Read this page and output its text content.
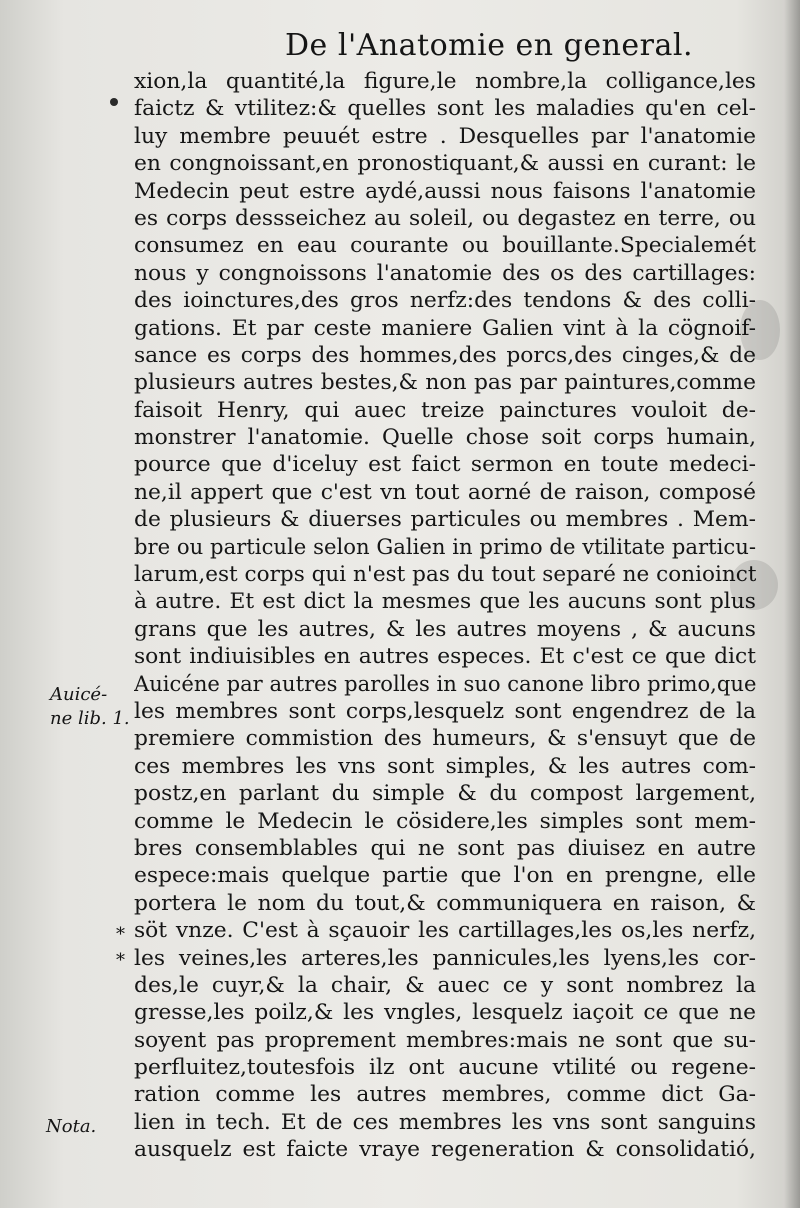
De l'Anatomie en general.
xion,la quantité,la figure,le nombre,la colligance,les
faictz & vtilitez:& quelles sont les maladies qu'en cel-
luy membre peuuét estre . Desquelles par l'anatomie
en congnoissant,en pronostiquant,& aussi en curant: le
Medecin peut estre aydé,aussi nous faisons l'anatomie
es corps dessseichez au soleil, ou degastez en terre, ou
consumez en eau courante ou bouillante.Specialemét
nous y congnoissons l'anatomie des os des cartillages:
des ioinctures,des gros nerfz:des tendons & des colli-
gations. Et par ceste maniere Galien vint à la cögnoif-
sance es corps des hommes,des porcs,des cinges,& de
plusieurs autres bestes,& non pas par paintures,comme
faisoit Henry, qui auec treize painctures vouloit de-
monstrer l'anatomie. Quelle chose soit corps humain,
pource que d'iceluy est faict sermon en toute medeci-
ne,il appert que c'est vn tout aorné de raison, composé
de plusieurs & diuerses particules ou membres . Mem-
bre ou particule selon Galien in primo de vtilitate particu-
larum,est corps qui n'est pas du tout separé ne conioinct
à autre. Et est dict la mesmes que les aucuns sont plus
grans que les autres, & les autres moyens , & aucuns
sont indiuisibles en autres especes. Et c'est ce que dict
Auicéne par autres parolles in suo canone libro primo,que
les membres sont corps,lesquelz sont engendrez de la
premiere commistion des humeurs, & s'ensuyt que de
ces membres les vns sont simples, & les autres com-
postz,en parlant du simple & du compost largement,
comme le Medecin le cösidere,les simples sont mem-
bres consemblables qui ne sont pas diuisez en autre
espece:mais quelque partie que l'on en prengne, elle
portera le nom du tout,& communiquera en raison, &
söt vnze. C'est à sçauoir les cartillages,les os,les nerfz,
les veines,les arteres,les pannicules,les lyens,les cor-
des,le cuyr,& la chair, & auec ce y sont nombrez la
gresse,les poilz,& les vngles, lesquelz iaçoit ce que ne
soyent pas proprement membres:mais ne sont que su-
perfluitez,toutesfois ilz ont aucune vtilité ou regene-
ration comme les autres membres, comme dict Ga-
lien in tech. Et de ces membres les vns sont sanguins
ausquelz est faicte vraye regeneration & consolidatió,
Auicé-
ne lib. 1.
*
*
Nota.
